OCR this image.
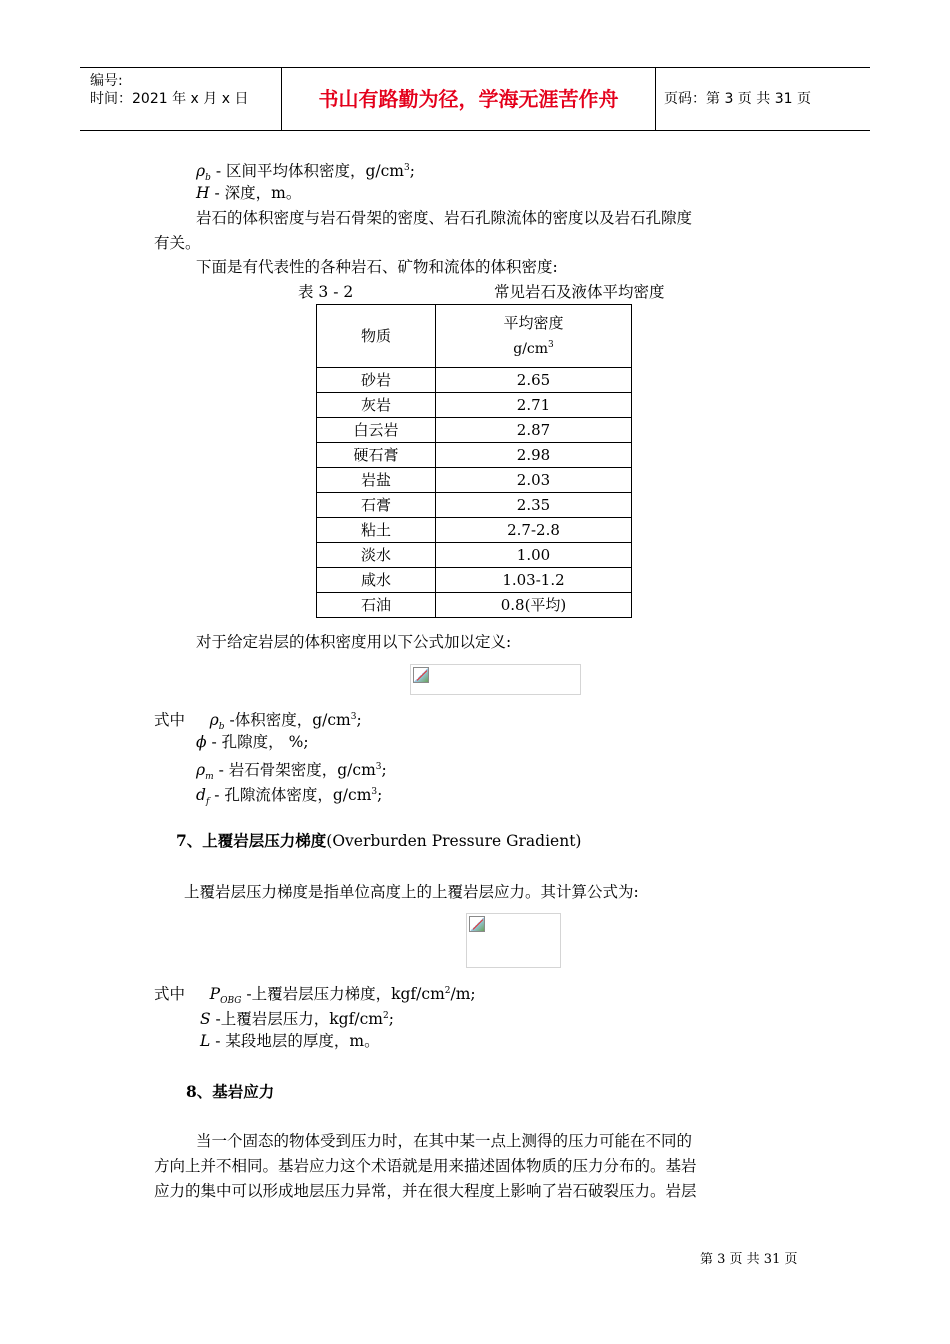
编号:
时间：2021 年 x 月 x 日	书山有路勤为径，学海无涯苦作舟	页码：第 3 页 共 31 页
$\rho_b$ - 区间平均体积密度，$g/cm^3$;
H - 深度，m。
岩石的体积密度与岩石骨架的密度、岩石孔隙流体的密度以及岩石孔隙度
有关。
下面是有代表性的各种岩石、矿物和流体的体积密度:
表 3 - 2	常见岩石及液体平均密度
物质	平均密度
$g/cm^3$

砂岩	2.65
灰岩	2.71
白云岩	2.87
硬石膏	2.98
岩盐	2.03
石膏	2.35
粘土	2.7-2.8
淡水	1.00
咸水	1.03-1.2
石油	0.8(平均)
对于给定岩层的体积密度用以下公式加以定义:
式中 $\rho_b$ -体积密度，$g/cm^3$;
ϕ - 孔隙度， %;
$\rho_m$ - 岩石骨架密度，$g/cm^3$;
$d_f$ - 孔隙流体密度，$g/cm^3$;
7、上覆岩层压力梯度(Overburden Pressure Gradient)
上覆岩层压力梯度是指单位高度上的上覆岩层应力。其计算公式为:
式中 $P_{OBG}$ -上覆岩层压力梯度，kgf/$cm^2/m$;
S -上覆岩层压力，kgf/$cm^2$;
L - 某段地层的厚度，m。
8、基岩应力
当一个固态的物体受到压力时，在其中某一点上测得的压力可能在不同的
方向上并不相同。基岩应力这个术语就是用来描述固体物质的压力分布的。基岩
应力的集中可以形成地层压力异常，并在很大程度上影响了岩石破裂压力。岩层
第 3 页 共 31 页
